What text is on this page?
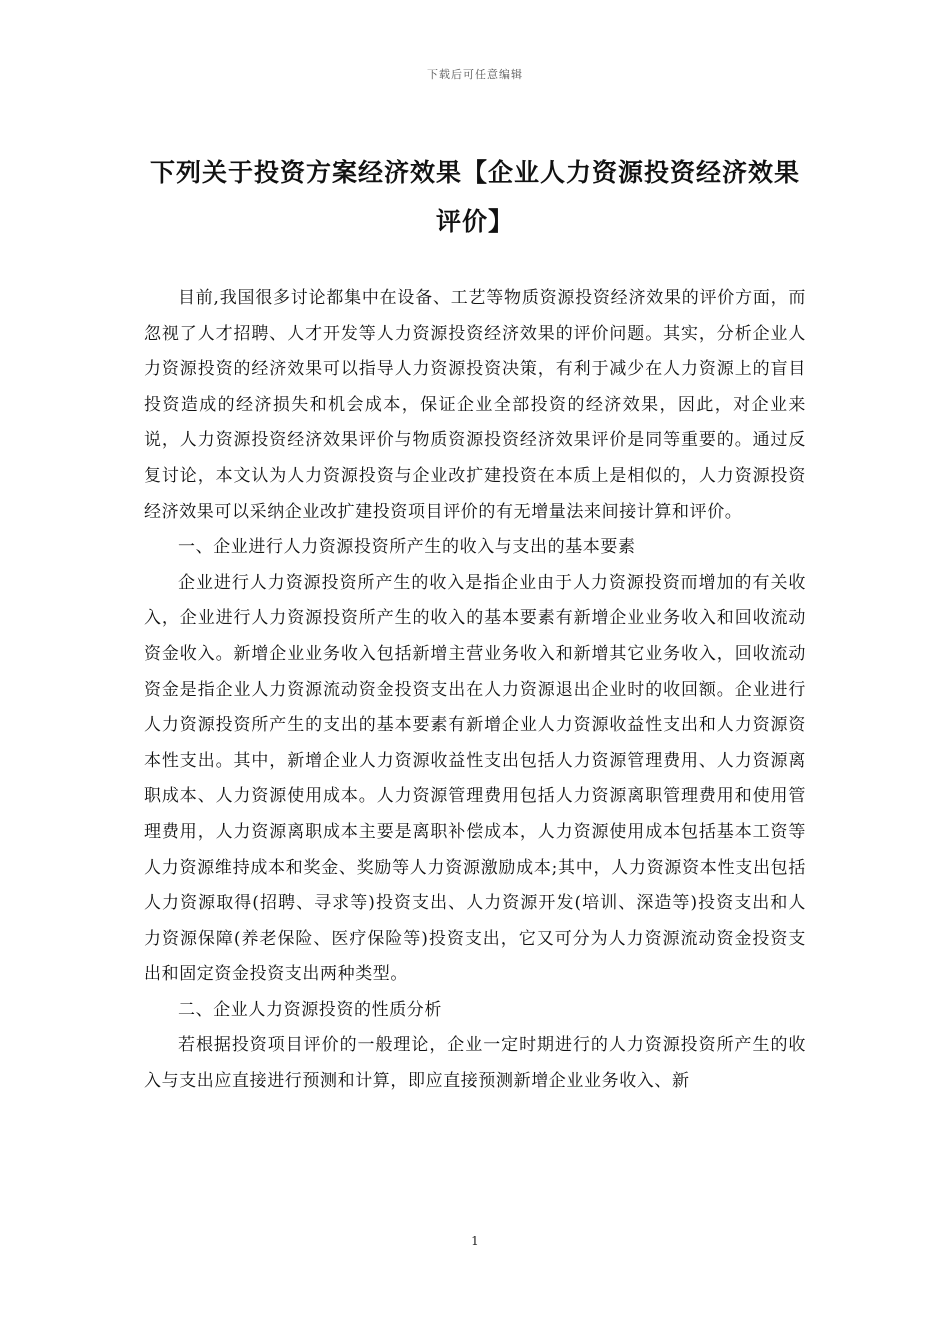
下载后可任意编辑
下列关于投资方案经济效果【企业人力资源投资经济效果评价】

目前,我国很多讨论都集中在设备、工艺等物质资源投资经济效果的评价方面，而忽视了人才招聘、人才开发等人力资源投资经济效果的评价问题。其实，分析企业人力资源投资的经济效果可以指导人力资源投资决策，有利于减少在人力资源上的盲目投资造成的经济损失和机会成本，保证企业全部投资的经济效果，因此，对企业来说，人力资源投资经济效果评价与物质资源投资经济效果评价是同等重要的。通过反复讨论，本文认为人力资源投资与企业改扩建投资在本质上是相似的，人力资源投资经济效果可以采纳企业改扩建投资项目评价的有无增量法来间接计算和评价。

一、企业进行人力资源投资所产生的收入与支出的基本要素

企业进行人力资源投资所产生的收入是指企业由于人力资源投资而增加的有关收入，企业进行人力资源投资所产生的收入的基本要素有新增企业业务收入和回收流动资金收入。新增企业业务收入包括新增主营业务收入和新增其它业务收入，回收流动资金是指企业人力资源流动资金投资支出在人力资源退出企业时的收回额。企业进行人力资源投资所产生的支出的基本要素有新增企业人力资源收益性支出和人力资源资本性支出。其中，新增企业人力资源收益性支出包括人力资源管理费用、人力资源离职成本、人力资源使用成本。人力资源管理费用包括人力资源离职管理费用和使用管理费用，人力资源离职成本主要是离职补偿成本，人力资源使用成本包括基本工资等人力资源维持成本和奖金、奖励等人力资源激励成本;其中，人力资源资本性支出包括人力资源取得(招聘、寻求等)投资支出、人力资源开发(培训、深造等)投资支出和人力资源保障(养老保险、医疗保险等)投资支出，它又可分为人力资源流动资金投资支出和固定资金投资支出两种类型。

二、企业人力资源投资的性质分析

若根据投资项目评价的一般理论，企业一定时期进行的人力资源投资所产生的收入与支出应直接进行预测和计算，即应直接预测新增企业业务收入、新

1
